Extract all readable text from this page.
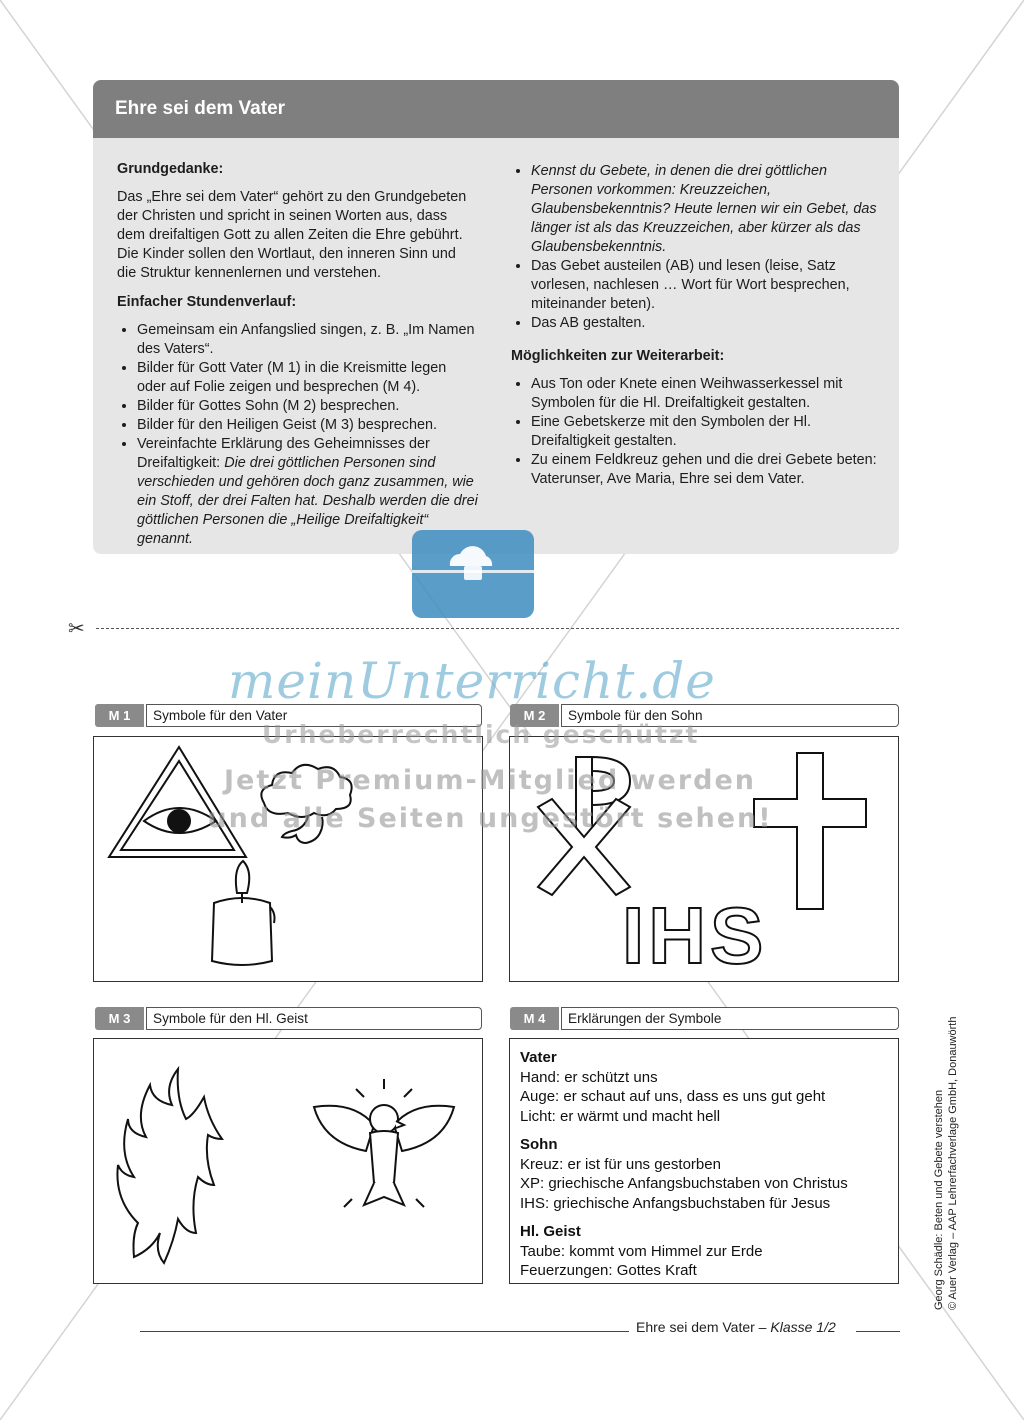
Ehre sei dem Vater
Grundgedanke:

Das „Ehre sei dem Vater“ gehört zu den Grundgebeten der Christen und spricht in seinen Worten aus, dass dem dreifaltigen Gott zu allen Zeiten die Ehre gebührt. Die Kinder sollen den Wortlaut, den inneren Sinn und die Struktur kennenlernen und verstehen.

Einfacher Stundenverlauf:
• Gemeinsam ein Anfangslied singen, z. B. „Im Namen des Vaters“.
• Bilder für Gott Vater (M 1) in die Kreismitte legen oder auf Folie zeigen und besprechen (M 4).
• Bilder für Gottes Sohn (M 2) besprechen.
• Bilder für den Heiligen Geist (M 3) besprechen.
• Vereinfachte Erklärung des Geheimnisses der Dreifaltigkeit: Die drei göttlichen Personen sind verschieden und gehören doch ganz zusammen, wie ein Stoff, der drei Falten hat. Deshalb werden die drei göttlichen Personen die „Heilige Dreifaltigkeit“ genannt.
• Kennst du Gebete, in denen die drei göttlichen Personen vorkommen: Kreuzzeichen, Glaubensbekenntnis? Heute lernen wir ein Gebet, das länger ist als das Kreuzzeichen, aber kürzer als das Glaubensbekenntnis.
• Das Gebet austeilen (AB) und lesen (leise, Satz vorlesen, nachlesen … Wort für Wort besprechen, miteinander beten).
• Das AB gestalten.
Möglichkeiten zur Weiterarbeit:
• Aus Ton oder Knete einen Weihwasserkessel mit Symbolen für die Hl. Dreifaltigkeit gestalten.
• Eine Gebetskerze mit den Symbolen der Hl. Dreifaltigkeit gestalten.
• Zu einem Feldkreuz gehen und die drei Gebete beten: Vaterunser, Ave Maria, Ehre sei dem Vater.
✂
M 1	Symbole für den Vater	M 2	Symbole für den Sohn
IHS
M 3	Symbole für den Hl. Geist	M 4	Erklärungen der Symbole
Vater
Hand: er schützt uns
Auge: er schaut auf uns, dass es uns gut geht
Licht: er wärmt und macht hell
Sohn
Kreuz: er ist für uns gestorben
XP: griechische Anfangsbuchstaben von Christus
IHS: griechische Anfangsbuchstaben für Jesus
Hl. Geist
Taube: kommt vom Himmel zur Erde
Feuerzungen: Gottes Kraft
meinUnterricht.de
Urheberrechtlich geschützt
Jetzt Premium-Mitglied werden
und alle Seiten ungestört sehen!
Ehre sei dem Vater – Klasse 1/2
Georg Schädle: Beten und Gebete verstehen © Auer Verlag – AAP Lehrerfachverlage GmbH, Donauwörth
